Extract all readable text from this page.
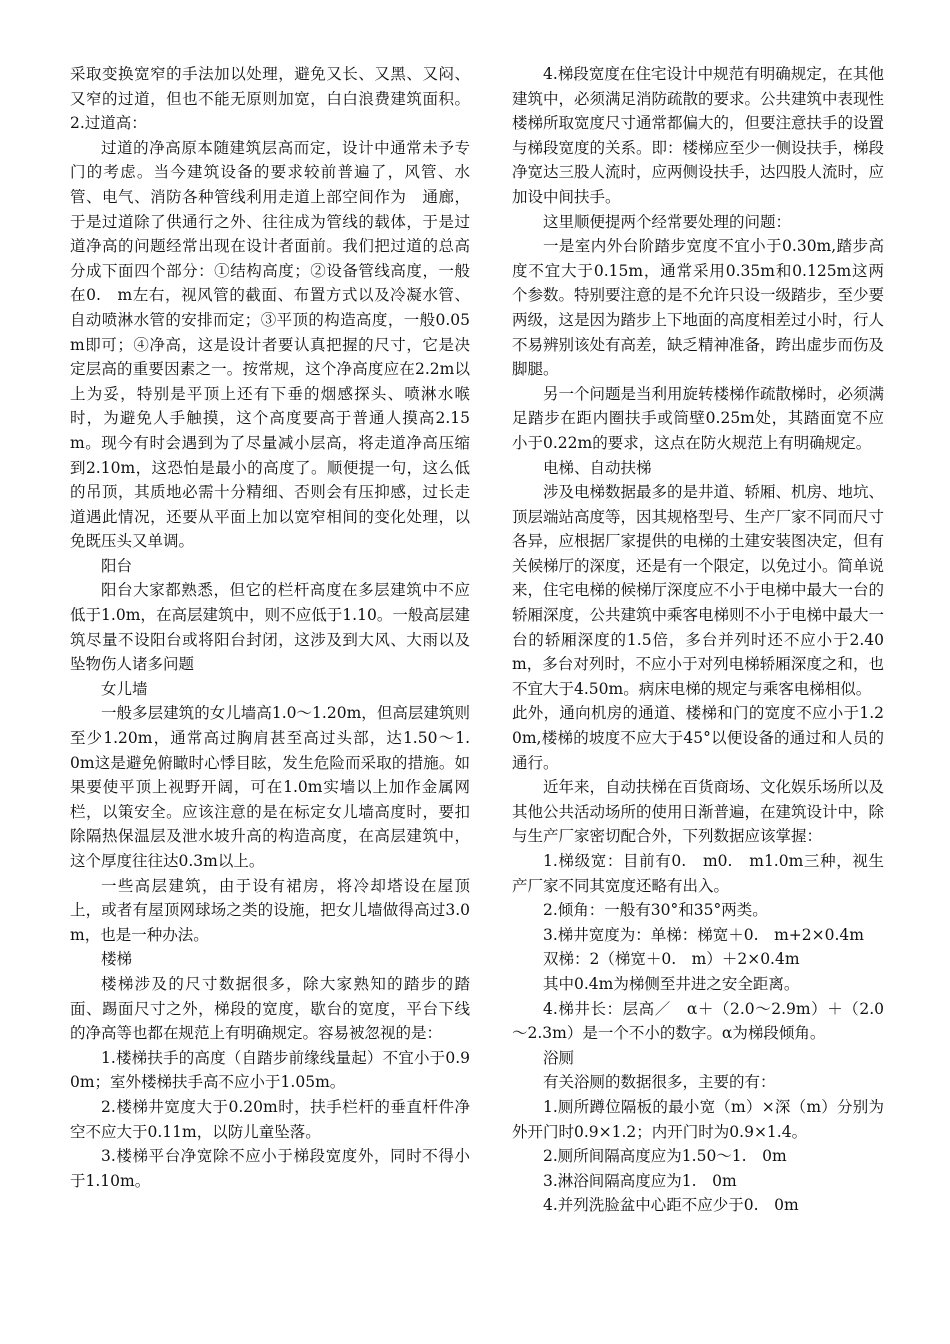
采取变换宽窄的手法加以处理，避免又长、又黑、又闷、又窄的过道，但也不能无原则加宽，白白浪费建筑面积。2.过道高：

过道的净高原本随建筑层高而定，设计中通常未予专门的考虑。当今建筑设备的要求较前普遍了，风管、水管、电气、消防各种管线利用走道上部空间作为　通廊，于是过道除了供通行之外、往往成为管线的载体，于是过道净高的问题经常出现在设计者面前。我们把过道的总高分成下面四个部分：①结构高度；②设备管线高度，一般在0.　m左右，视风管的截面、布置方式以及冷凝水管、自动喷淋水管的安排而定；③平顶的构造高度，一般0.05m即可；④净高，这是设计者要认真把握的尺寸，它是决定层高的重要因素之一。按常规，这个净高度应在2.2m以上为妥，特别是平顶上还有下垂的烟感探头、喷淋水喉时，为避免人手触摸，这个高度要高于普通人摸高2.15m。现今有时会遇到为了尽量减小层高，将走道净高压缩到2.10m，这恐怕是最小的高度了。顺便提一句，这么低的吊顶，其质地必需十分精细、否则会有压抑感，过长走道遇此情况，还要从平面上加以宽窄相间的变化处理，以免既压头又单调。

阳台

阳台大家都熟悉，但它的栏杆高度在多层建筑中不应低于1.0m，在高层建筑中，则不应低于1.10。一般高层建筑尽量不设阳台或将阳台封闭，这涉及到大风、大雨以及坠物伤人诸多问题

女儿墙

一般多层建筑的女儿墙高1.0～1.20m，但高层建筑则至少1.20m，通常高过胸肩甚至高过头部，达1.50～1.　0m这是避免俯瞰时心悸目眩，发生危险而采取的措施。如果要使平顶上视野开阔，可在1.0m实墙以上加作金属网栏，以策安全。应该注意的是在标定女儿墙高度时，要扣除隔热保温层及泄水坡升高的构造高度，在高层建筑中，这个厚度往往达0.3m以上。

一些高层建筑，由于设有裙房，将冷却塔设在屋顶上，或者有屋顶网球场之类的设施，把女儿墙做得高过3.0m，也是一种办法。

楼梯

楼梯涉及的尺寸数据很多，除大家熟知的踏步的踏面、踢面尺寸之外，梯段的宽度，歇台的宽度，平台下线的净高等也都在规范上有明确规定。容易被忽视的是：

1.楼梯扶手的高度（自踏步前缘线量起）不宜小于0.90m；室外楼梯扶手高不应小于1.05m。

2.楼梯井宽度大于0.20m时，扶手栏杆的垂直杆件净空不应大于0.11m，以防儿童坠落。

3.楼梯平台净宽除不应小于梯段宽度外，同时不得小于1.10m。

4.梯段宽度在住宅设计中规范有明确规定，在其他建筑中，必须满足消防疏散的要求。公共建筑中表现性楼梯所取宽度尺寸通常都偏大的，但要注意扶手的设置与梯段宽度的关系。即：楼梯应至少一侧设扶手，梯段净宽达三股人流时，应两侧设扶手，达四股人流时，应加设中间扶手。

这里顺便提两个经常要处理的问题：

一是室内外台阶踏步宽度不宜小于0.30m,踏步高度不宜大于0.15m，通常采用0.35m和0.125m这两个参数。特别要注意的是不允许只设一级踏步，至少要两级，这是因为踏步上下地面的高度相差过小时，行人不易辨别该处有高差，缺乏精神准备，跨出虚步而伤及脚腿。

另一个问题是当利用旋转楼梯作疏散梯时，必须满足踏步在距内圈扶手或筒壁0.25m处，其踏面宽不应小于0.22m的要求，这点在防火规范上有明确规定。

电梯、自动扶梯

涉及电梯数据最多的是井道、轿厢、机房、地坑、顶层端站高度等，因其规格型号、生产厂家不同而尺寸各异，应根据厂家提供的电梯的土建安装图决定，但有关候梯厅的深度，还是有一个限定，以免过小。简单说来，住宅电梯的候梯厅深度应不小于电梯中最大一台的轿厢深度，公共建筑中乘客电梯则不小于电梯中最大一台的轿厢深度的1.5倍，多台并列时还不应小于2.40m，多台对列时，不应小于对列电梯轿厢深度之和，也不宜大于4.50m。病床电梯的规定与乘客电梯相似。

此外，通向机房的通道、楼梯和门的宽度不应小于1.20m,楼梯的坡度不应大于45°以便设备的通过和人员的通行。

近年来，自动扶梯在百货商场、文化娱乐场所以及其他公共活动场所的使用日渐普遍，在建筑设计中，除与生产厂家密切配合外，下列数据应该掌握：

1.梯级宽：目前有0.　m0.　m1.0m三种，视生产厂家不同其宽度还略有出入。

2.倾角：一般有30°和35°两类。

3.梯井宽度为：单梯：梯宽＋0.　m+2×0.4m

双梯：2（梯宽＋0.　m）＋2×0.4m

其中0.4m为梯侧至井进之安全距离。

4.梯井长：层高／　α＋（2.0～2.9m）＋（2.0～2.3m）是一个不小的数字。α为梯段倾角。

浴厕

有关浴厕的数据很多，主要的有：

1.厕所蹲位隔板的最小宽（m）×深（m）分别为外开门时0.9×1.2；内开门时为0.9×1.4。

2.厕所间隔高度应为1.50～1.　0m

3.淋浴间隔高度应为1.　0m

4.并列洗脸盆中心距不应少于0.　0m
